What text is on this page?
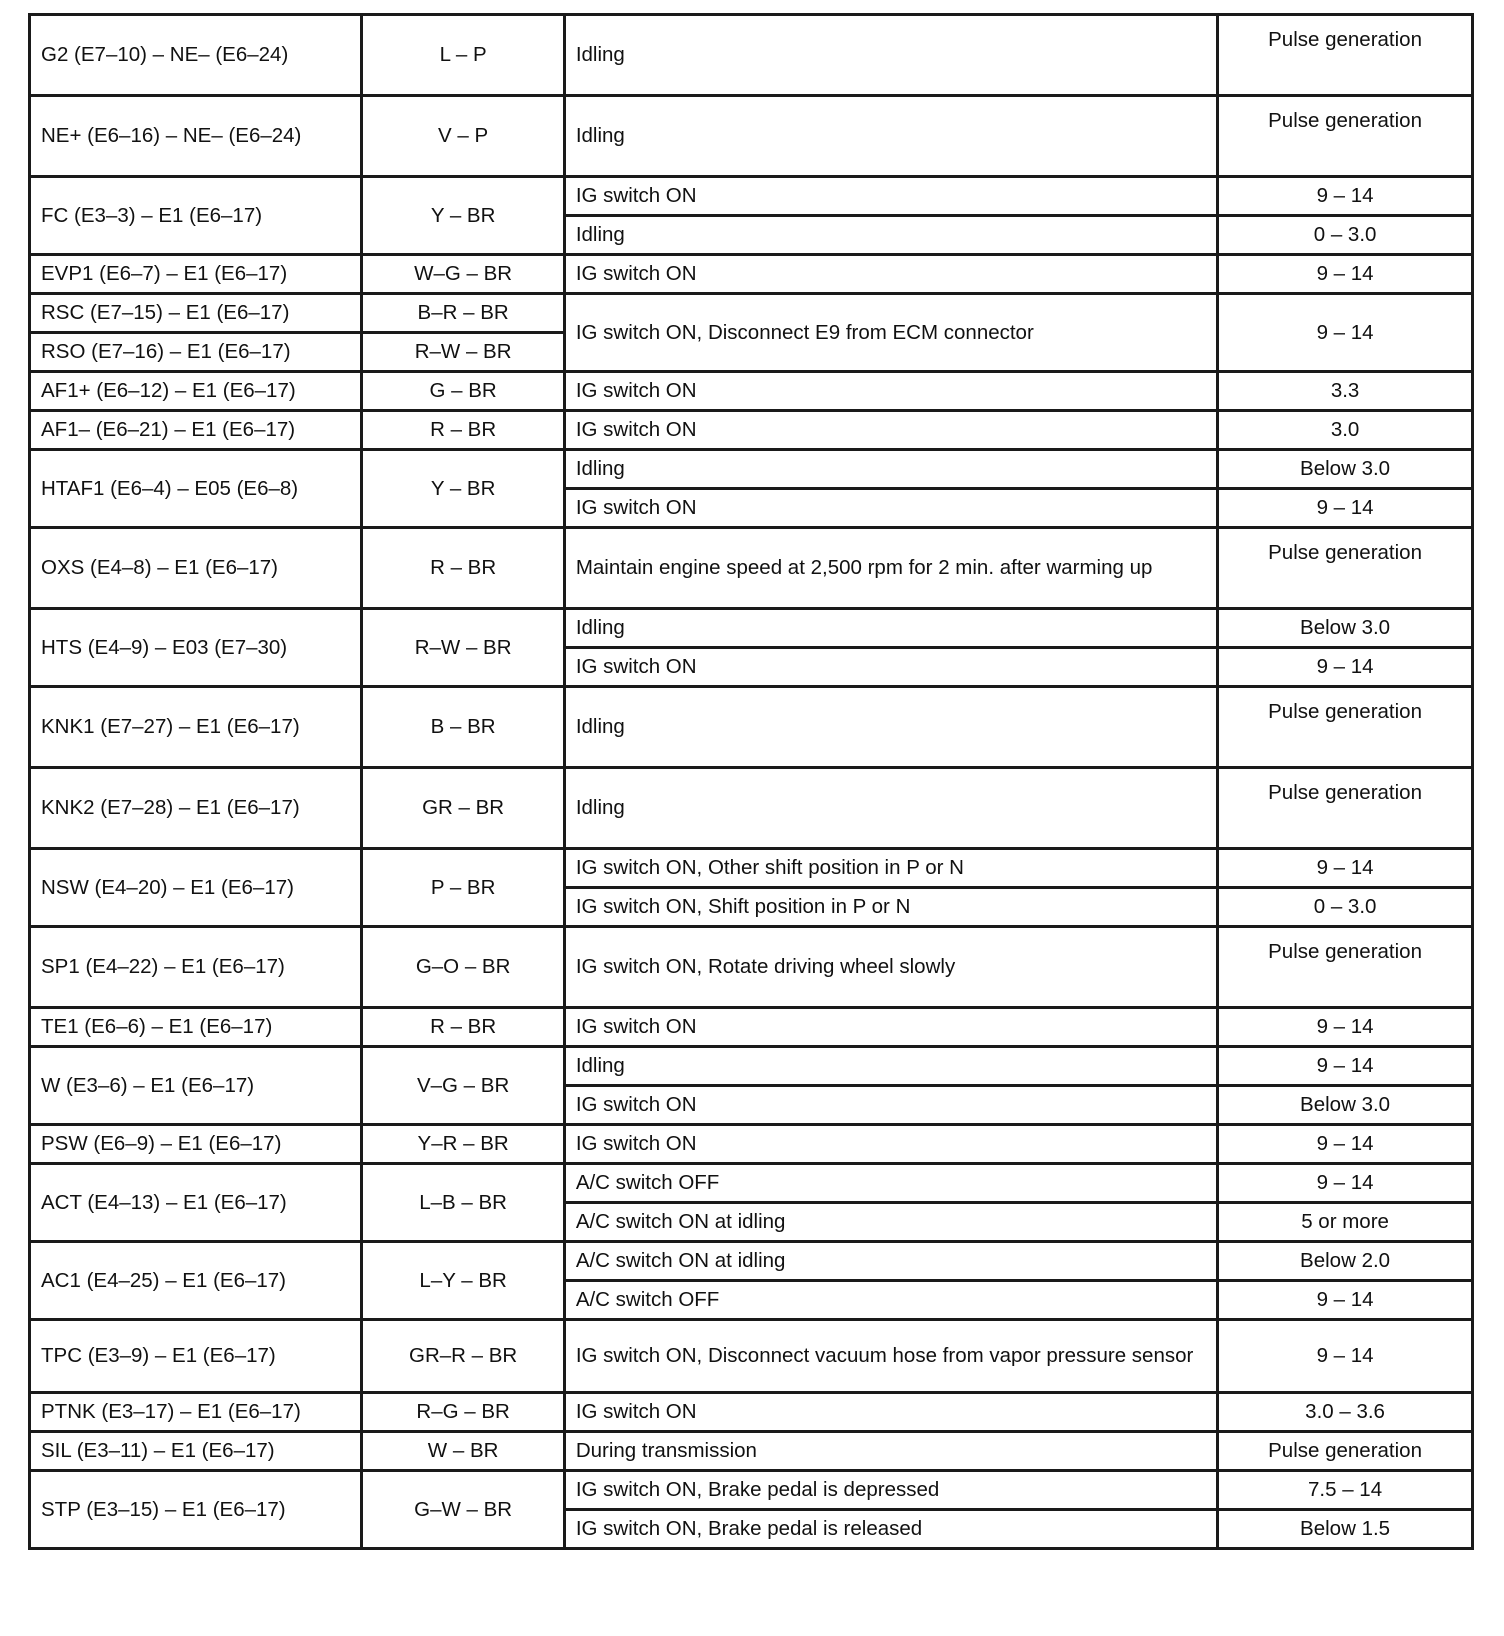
G2 (E7–10) – NE– (E6–24)	L – P	Idling	Pulse generation
NE+ (E6–16) – NE– (E6–24)	V – P	Idling	Pulse generation
FC (E3–3) – E1 (E6–17)	Y – BR	IG switch ON	9 – 14
		Idling	0 – 3.0
EVP1 (E6–7) – E1 (E6–17)	W–G – BR	IG switch ON	9 – 14
RSC (E7–15) – E1 (E6–17)	B–R – BR	IG switch ON, Disconnect E9 from ECM connector	9 – 14
RSO (E7–16) – E1 (E6–17)	R–W – BR		
AF1+ (E6–12) – E1 (E6–17)	G – BR	IG switch ON	3.3
AF1– (E6–21) – E1 (E6–17)	R – BR	IG switch ON	3.0
HTAF1 (E6–4) – E05 (E6–8)	Y – BR	Idling	Below 3.0
		IG switch ON	9 – 14
OXS (E4–8) – E1 (E6–17)	R – BR	Maintain engine speed at 2,500 rpm for 2 min. after warming up	Pulse generation
HTS (E4–9) – E03 (E7–30)	R–W – BR	Idling	Below 3.0
		IG switch ON	9 – 14
KNK1 (E7–27) – E1 (E6–17)	B – BR	Idling	Pulse generation
KNK2 (E7–28) – E1 (E6–17)	GR – BR	Idling	Pulse generation
NSW (E4–20) – E1 (E6–17)	P – BR	IG switch ON, Other shift position in P or N	9 – 14
		IG switch ON, Shift position in P or N	0 – 3.0
SP1 (E4–22) – E1 (E6–17)	G–O – BR	IG switch ON, Rotate driving wheel slowly	Pulse generation
TE1 (E6–6) – E1 (E6–17)	R – BR	IG switch ON	9 – 14
W (E3–6) – E1 (E6–17)	V–G – BR	Idling	9 – 14
		IG switch ON	Below 3.0
PSW (E6–9) – E1 (E6–17)	Y–R – BR	IG switch ON	9 – 14
ACT (E4–13) – E1 (E6–17)	L–B – BR	A/C switch OFF	9 – 14
		A/C switch ON at idling	5 or more
AC1 (E4–25) – E1 (E6–17)	L–Y – BR	A/C switch ON at idling	Below 2.0
		A/C switch OFF	9 – 14
TPC (E3–9) – E1 (E6–17)	GR–R – BR	IG switch ON, Disconnect vacuum hose from vapor pressure sensor	9 – 14
PTNK (E3–17) – E1 (E6–17)	R–G – BR	IG switch ON	3.0 – 3.6
SIL (E3–11) – E1 (E6–17)	W – BR	During transmission	Pulse generation
STP (E3–15) – E1 (E6–17)	G–W – BR	IG switch ON, Brake pedal is depressed	7.5 – 14
		IG switch ON, Brake pedal is released	Below 1.5
